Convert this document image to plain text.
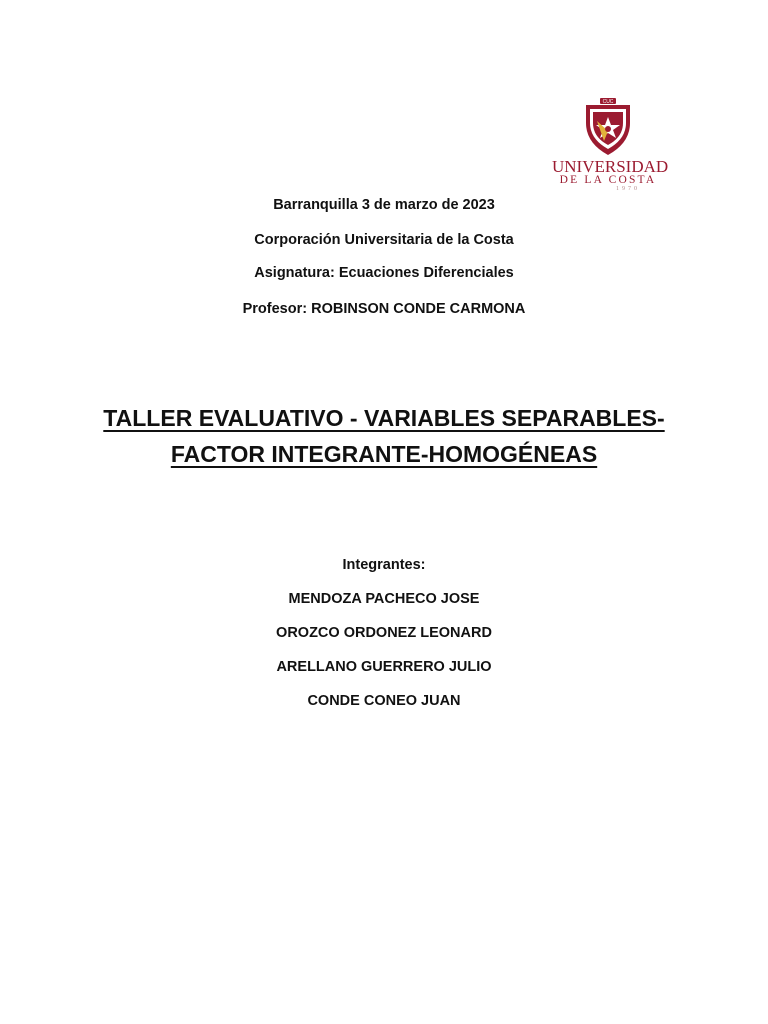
CUC
UNIVERSIDAD
DE LA COSTA
1970
Barranquilla 3 de marzo de 2023
Corporación Universitaria de la Costa
Asignatura: Ecuaciones Diferenciales
Profesor: ROBINSON CONDE CARMONA
TALLER EVALUATIVO - VARIABLES SEPARABLES-
FACTOR INTEGRANTE-HOMOGÉNEAS
Integrantes:
MENDOZA PACHECO JOSE
OROZCO ORDONEZ LEONARD
ARELLANO GUERRERO JULIO
CONDE CONEO JUAN
